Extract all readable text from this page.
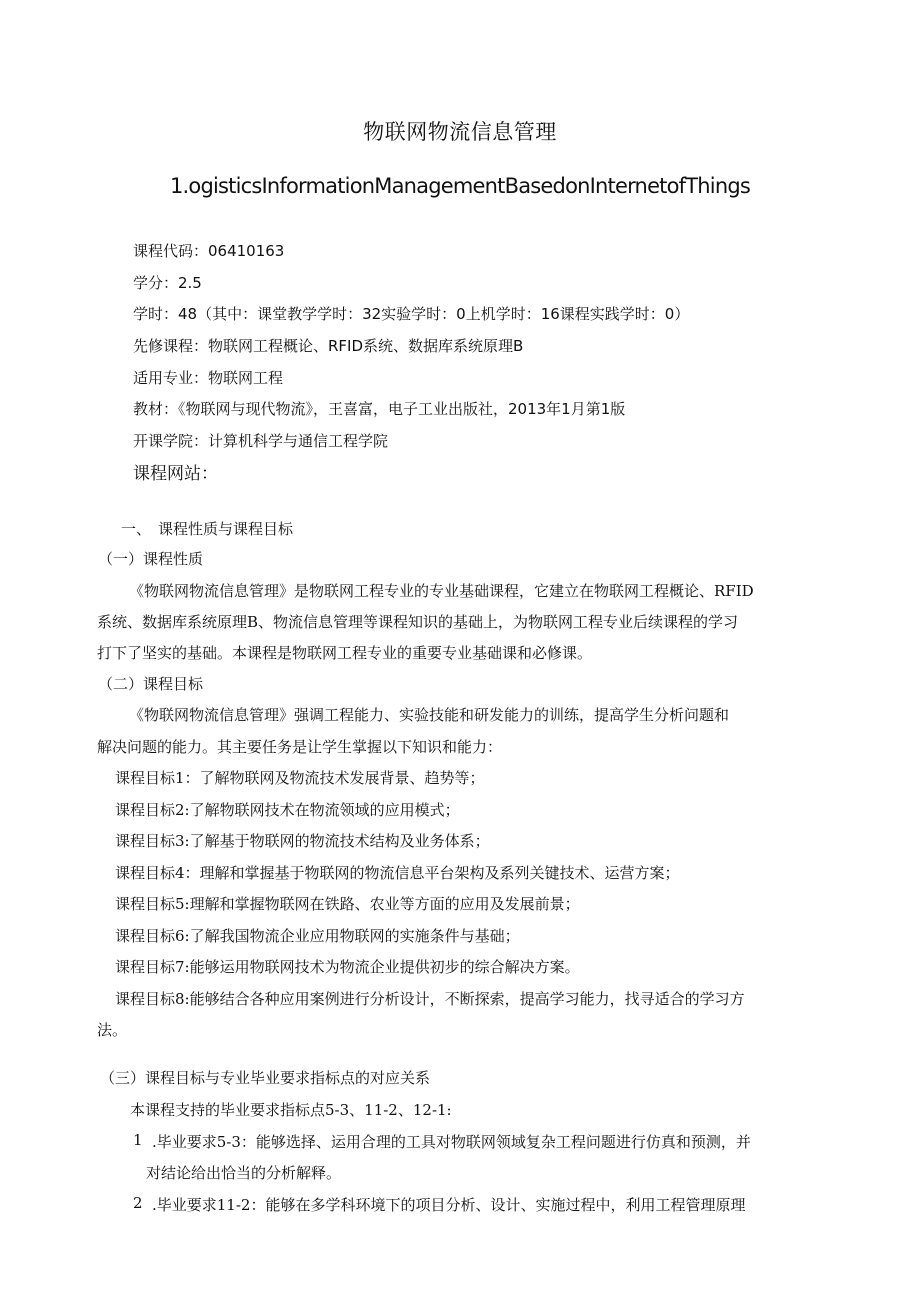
物联网物流信息管理
1.ogisticsInformationManagementBasedonInternetofThings
课程代码：06410163
学分：2.5
学时：48（其中：课堂教学学时：32实验学时：0上机学时：16课程实践学时：0）
先修课程：物联网工程概论、RFID系统、数据库系统原理B
适用专业：物联网工程
教材：《物联网与现代物流》，王喜富，电子工业出版社，2013年1月第1版
开课学院：计算机科学与通信工程学院
课程网站：
一、 课程性质与课程目标
（一）课程性质
《物联网物流信息管理》是物联网工程专业的专业基础课程，它建立在物联网工程概论、RFID
系统、数据库系统原理B、物流信息管理等课程知识的基础上，为物联网工程专业后续课程的学习
打下了坚实的基础。本课程是物联网工程专业的重要专业基础课和必修课。
（二）课程目标
《物联网物流信息管理》强调工程能力、实验技能和研发能力的训练，提高学生分析问题和
解决问题的能力。其主要任务是让学生掌握以下知识和能力：
课程目标1：了解物联网及物流技术发展背景、趋势等；
课程目标2:了解物联网技术在物流领域的应用模式；
课程目标3:了解基于物联网的物流技术结构及业务体系；
课程目标4：理解和掌握基于物联网的物流信息平台架构及系列关键技术、运营方案；
课程目标5:理解和掌握物联网在铁路、农业等方面的应用及发展前景；
课程目标6:了解我国物流企业应用物联网的实施条件与基础；
课程目标7:能够运用物联网技术为物流企业提供初步的综合解决方案。
课程目标8:能够结合各种应用案例进行分析设计，不断探索，提高学习能力，找寻适合的学习方
法。
（三）课程目标与专业毕业要求指标点的对应关系
本课程支持的毕业要求指标点5-3、11-2、12-1:
1 .毕业要求5-3：能够选择、运用合理的工具对物联网领域复杂工程问题进行仿真和预测，并
对结论给出恰当的分析解释。
2 .毕业要求11-2：能够在多学科环境下的项目分析、设计、实施过程中，利用工程管理原理
